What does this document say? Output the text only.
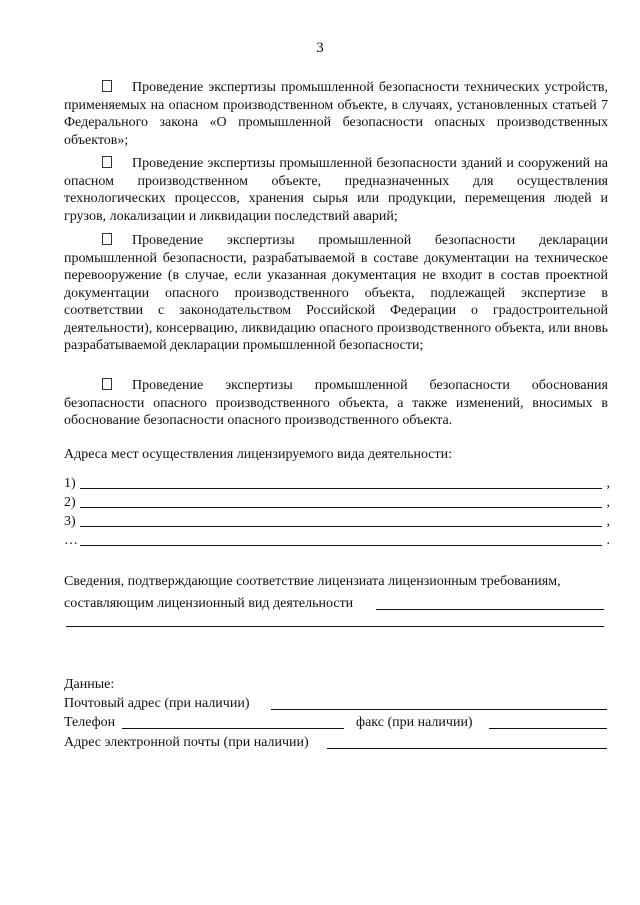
3
Проведение экспертизы промышленной безопасности технических устройств, применяемых на опасном производственном объекте, в случаях, установленных статьей 7 Федерального закона «О промышленной безопасности опасных производственных объектов»;
Проведение экспертизы промышленной безопасности зданий и сооружений на опасном производственном объекте, предназначенных для осуществления технологических процессов, хранения сырья или продукции, перемещения людей и грузов, локализации и ликвидации последствий аварий;
Проведение экспертизы промышленной безопасности декларации промышленной безопасности, разрабатываемой в составе документации на техническое перевооружение (в случае, если указанная документация не входит в состав проектной документации опасного производственного объекта, подлежащей экспертизе в соответствии с законодательством Российской Федерации о градостроительной деятельности), консервацию, ликвидацию опасного производственного объекта, или вновь разрабатываемой декларации промышленной безопасности;
Проведение экспертизы промышленной безопасности обоснования безопасности опасного производственного объекта, а также изменений, вносимых в обоснование безопасности опасного производственного объекта.
Адреса мест осуществления лицензируемого вида деятельности:
1)	,
2)	,
3)	,
…	.
Сведения, подтверждающие соответствие лицензиата лицензионным требованиям,
составляющим лицензионный вид деятельности
Данные:
Почтовый адрес (при наличии)
Телефон	факс (при наличии)
Адрес электронной почты (при наличии)
